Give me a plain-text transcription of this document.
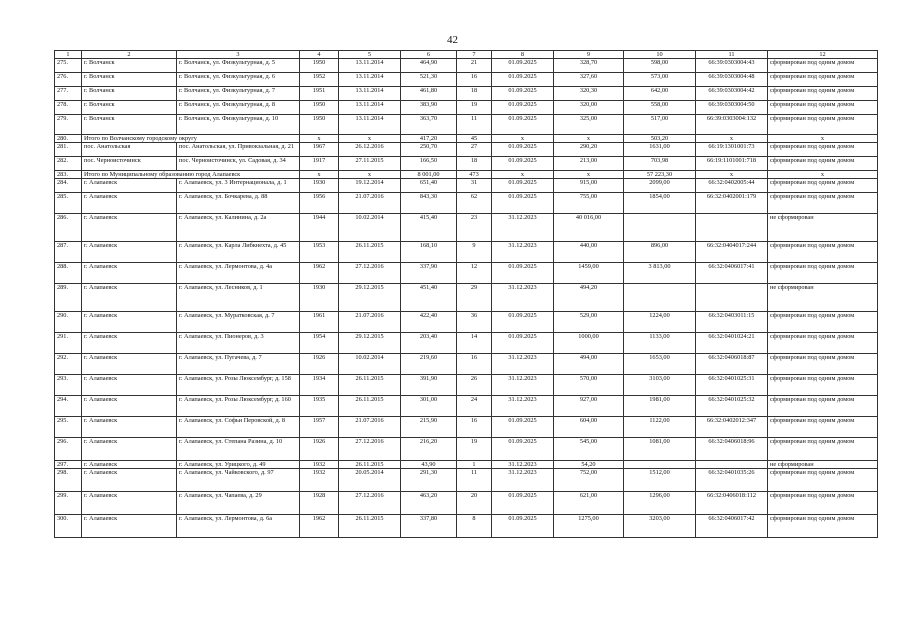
42
1	2	3	4	5	6	7	8	9	10	11	12
275.	г. Волчанск	г. Волчанск, ул. Физкультурная, д. 5	1950	13.11.2014	464,90	21	01.09.2025	328,70	598,00	66:39:0303004:43	сформирован под одним домом
276.	г. Волчанск	г. Волчанск, ул. Физкультурная, д. 6	1952	13.11.2014	521,30	16	01.09.2025	327,60	573,00	66:39:0303004:48	сформирован под одним домом
277.	г. Волчанск	г. Волчанск, ул. Физкультурная, д. 7	1951	13.11.2014	461,80	18	01.09.2025	320,30	642,00	66:39:0303004:42	сформирован под одним домом
278.	г. Волчанск	г. Волчанск, ул. Физкультурная, д. 8	1950	13.11.2014	383,90	19	01.09.2025	320,00	558,00	66:39:0303004:50	сформирован под одним домом
279.	г. Волчанск	г. Волчанск, ул. Физкультурная, д. 10	1950	13.11.2014	363,70	11	01.09.2025	325,00	517,00	66:39:0303004:132	сформирован под одним домом
280.	Итого по Волчанскому городскому округу		х	х	417,20	45	х	х	503,20	х	х
281.	пос. Анатольская	пос. Анатольская, ул. Привокзальная, д. 21	1967	26.12.2016	250,70	27	01.09.2025	290,20	1631,00	66:19:1301001:73	сформирован под одним домом
282.	пос. Черноисточинск	пос. Черноисточинск, ул. Садовая, д. 34	1917	27.11.2015	166,50	18	01.09.2025	213,00	703,98	66:19:1101001:718	сформирован под одним домом
283.	Итого по Муниципальному образованию город Алапаевск		х	х	8 001,00	473	х	х	57 223,30	х	х
284.	г. Алапаевск	г. Алапаевск, ул. 3 Интернационала, д. 1	1930	19.12.2014	651,40	31	01.09.2025	915,00	2099,00	66:32:0402005:44	сформирован под одним домом
285.	г. Алапаевск	г. Алапаевск, ул. Бочкарева, д. 88	1956	21.07.2016	843,30	62	01.09.2025	755,00	1854,00	66:32:0402001:179	сформирован под одним домом
286.	г. Алапаевск	г. Алапаевск, ул. Калинина, д. 2а	1944	10.02.2014	415,40	23	31.12.2023	40 016,00			не сформирован
287.	г. Алапаевск	г. Алапаевск, ул. Карла Либкнехта, д. 45	1953	26.11.2015	168,10	9	31.12.2023	440,00	896,00	66:32:0404017:244	сформирован под одним домом
288.	г. Алапаевск	г. Алапаевск, ул. Лермонтова, д. 4а	1962	27.12.2016	337,90	12	01.09.2025	1459,00	3 813,00	66:32:0406017:41	сформирован под одним домом
289.	г. Алапаевск	г. Алапаевск, ул. Лесников, д. 1	1930	29.12.2015	451,40	29	31.12.2023	494,20			не сформирован
290.	г. Алапаевск	г. Алапаевск, ул. Муратковская, д. 7	1961	21.07.2016	422,40	36	01.09.2025	529,00	1224,00	66:32:0403011:15	сформирован под одним домом
291.	г. Алапаевск	г. Алапаевск, ул. Пионеров, д. 3	1954	29.12.2015	203,40	14	01.09.2025	1000,00	1133,00	66:32:0401024:21	сформирован под одним домом
292.	г. Алапаевск	г. Алапаевск, ул. Пугачева, д. 7	1926	10.02.2014	219,60	16	31.12.2023	494,00	1653,00	66:32:0406018:87	сформирован под одним домом
293.	г. Алапаевск	г. Алапаевск, ул. Розы Люксембург, д. 158	1934	26.11.2015	391,90	26	31.12.2023	570,00	3103,00	66:32:0401025:31	сформирован под одним домом
294.	г. Алапаевск	г. Алапаевск, ул. Розы Люксембург, д. 160	1935	26.11.2015	301,00	24	31.12.2023	927,00	1981,00	66:32:0401025:32	сформирован под одним домом
295.	г. Алапаевск	г. Алапаевск, ул. Софьи Перовской, д. 8	1957	21.07.2016	215,90	16	01.09.2025	604,00	1122,00	66:32:0402012:347	сформирован под одним домом
296.	г. Алапаевск	г. Алапаевск, ул. Степана Разина, д. 10	1926	27.12.2016	216,20	19	01.09.2025	545,00	1081,00	66:32:0406018:96	сформирован под одним домом
297.	г. Алапаевск	г. Алапаевск, ул. Урицкого, д. 49	1932	26.11.2015	43,90	1	31.12.2023	54,20			не сформирован
298.	г. Алапаевск	г. Алапаевск, ул. Чайковского, д. 97	1932	20.05.2014	291,30	11	31.12.2023	752,00	1512,00	66:32:0401035:26	сформирован под одним домом
299.	г. Алапаевск	г. Алапаевск, ул. Чапаева, д. 29	1928	27.12.2016	463,20	20	01.09.2025	621,00	1296,00	66:32:0406018:112	сформирован под одним домом
300.	г. Алапаевск	г. Алапаевск, ул. Лермонтова, д. 6а	1962	26.11.2015	337,80	8	01.09.2025	1275,00	3203,00	66:32:0406017:42	сформирован под одним домом
